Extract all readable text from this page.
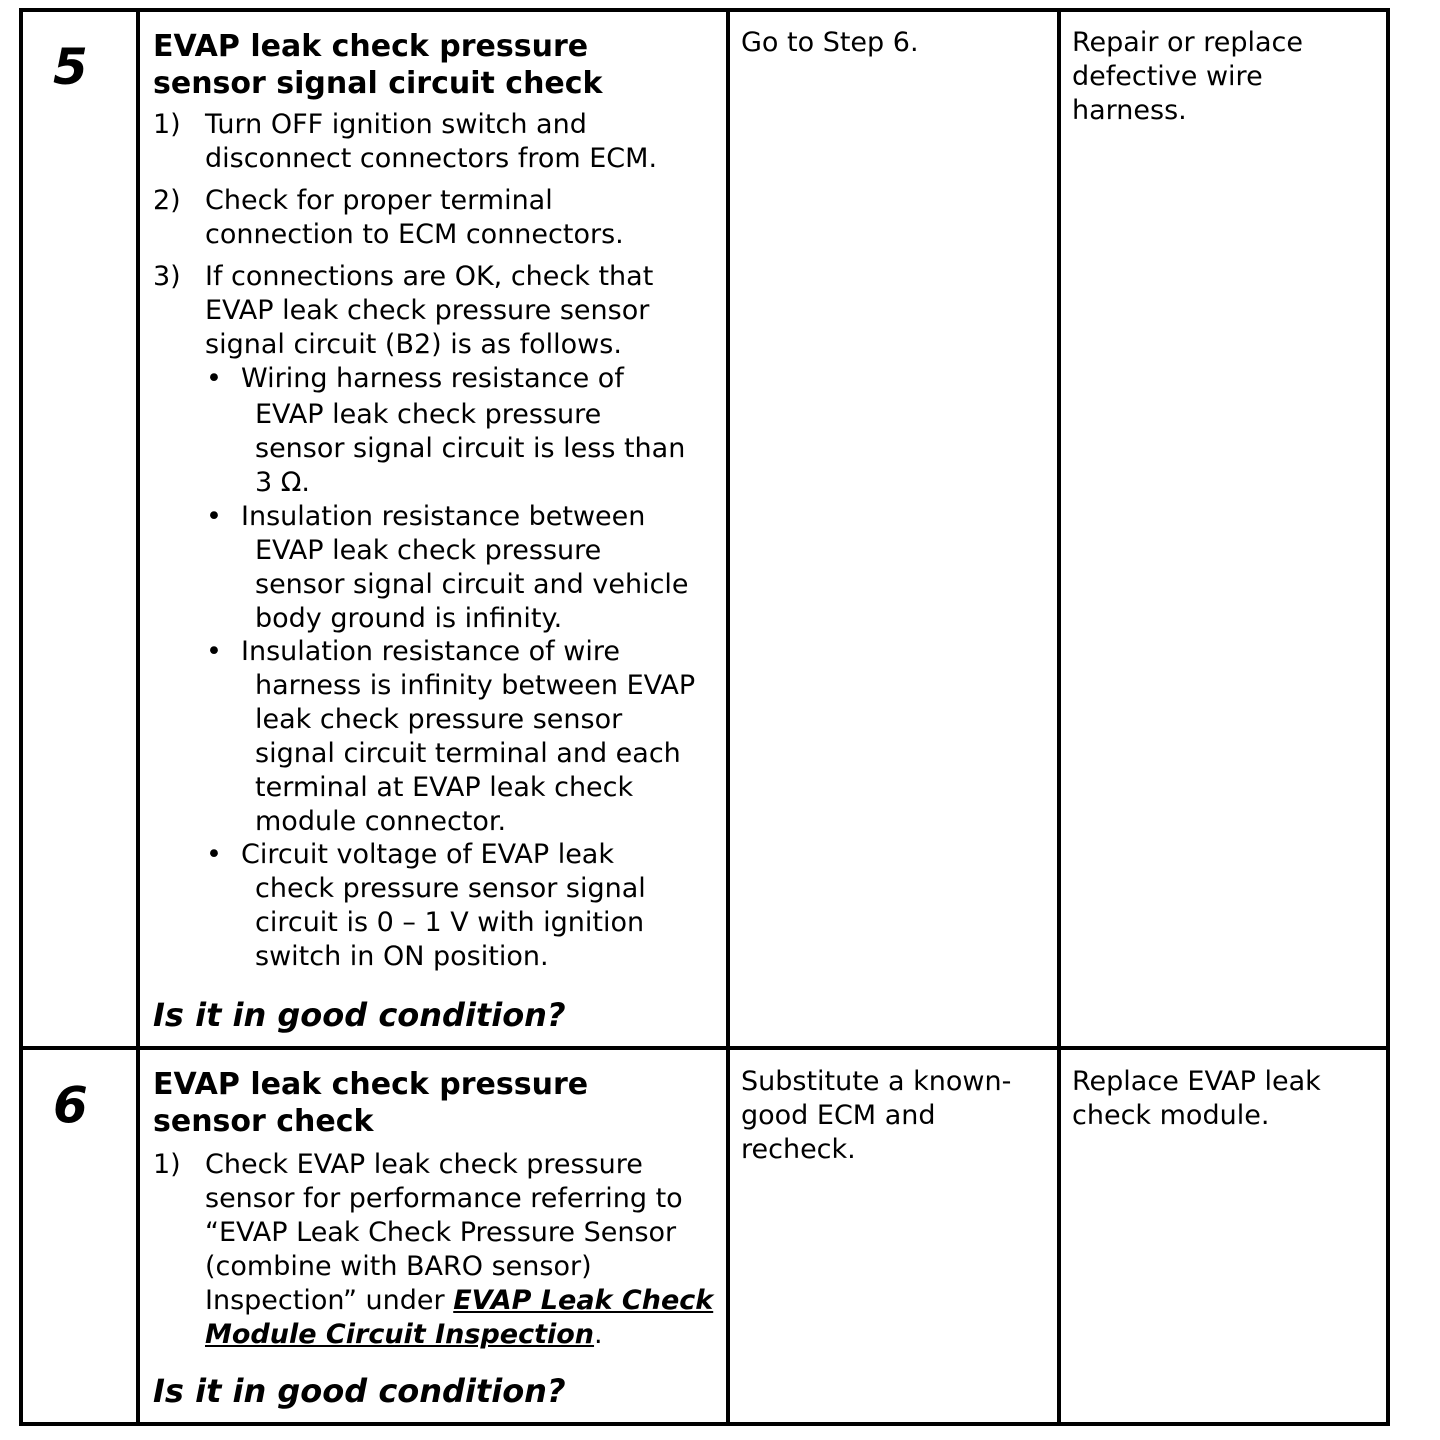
5 EVAP leak check pressure
sensor signal circuit check
1) Turn OFF ignition switch and
disconnect connectors from ECM.
2) Check for proper terminal
connection to ECM connectors.
3) If connections are OK, check that
EVAP leak check pressure sensor
signal circuit (B2) is as follows.
• Wiring harness resistance of
EVAP leak check pressure
sensor signal circuit is less than
3 Ω.
• Insulation resistance between
EVAP leak check pressure
sensor signal circuit and vehicle
body ground is infinity.
• Insulation resistance of wire
harness is infinity between EVAP
leak check pressure sensor
signal circuit terminal and each
terminal at EVAP leak check
module connector.
• Circuit voltage of EVAP leak
check pressure sensor signal
circuit is 0 – 1 V with ignition
switch in ON position.
Is it in good condition?
Go to Step 6.	Repair or replace
defective wire
harness.
6 EVAP leak check pressure
sensor check
1) Check EVAP leak check pressure
sensor for performance referring to
“EVAP Leak Check Pressure Sensor
(combine with BARO sensor)
Inspection” under EVAP Leak Check
Module Circuit Inspection.
Is it in good condition?
Substitute a known-
good ECM and
recheck.
Replace EVAP leak
check module.
